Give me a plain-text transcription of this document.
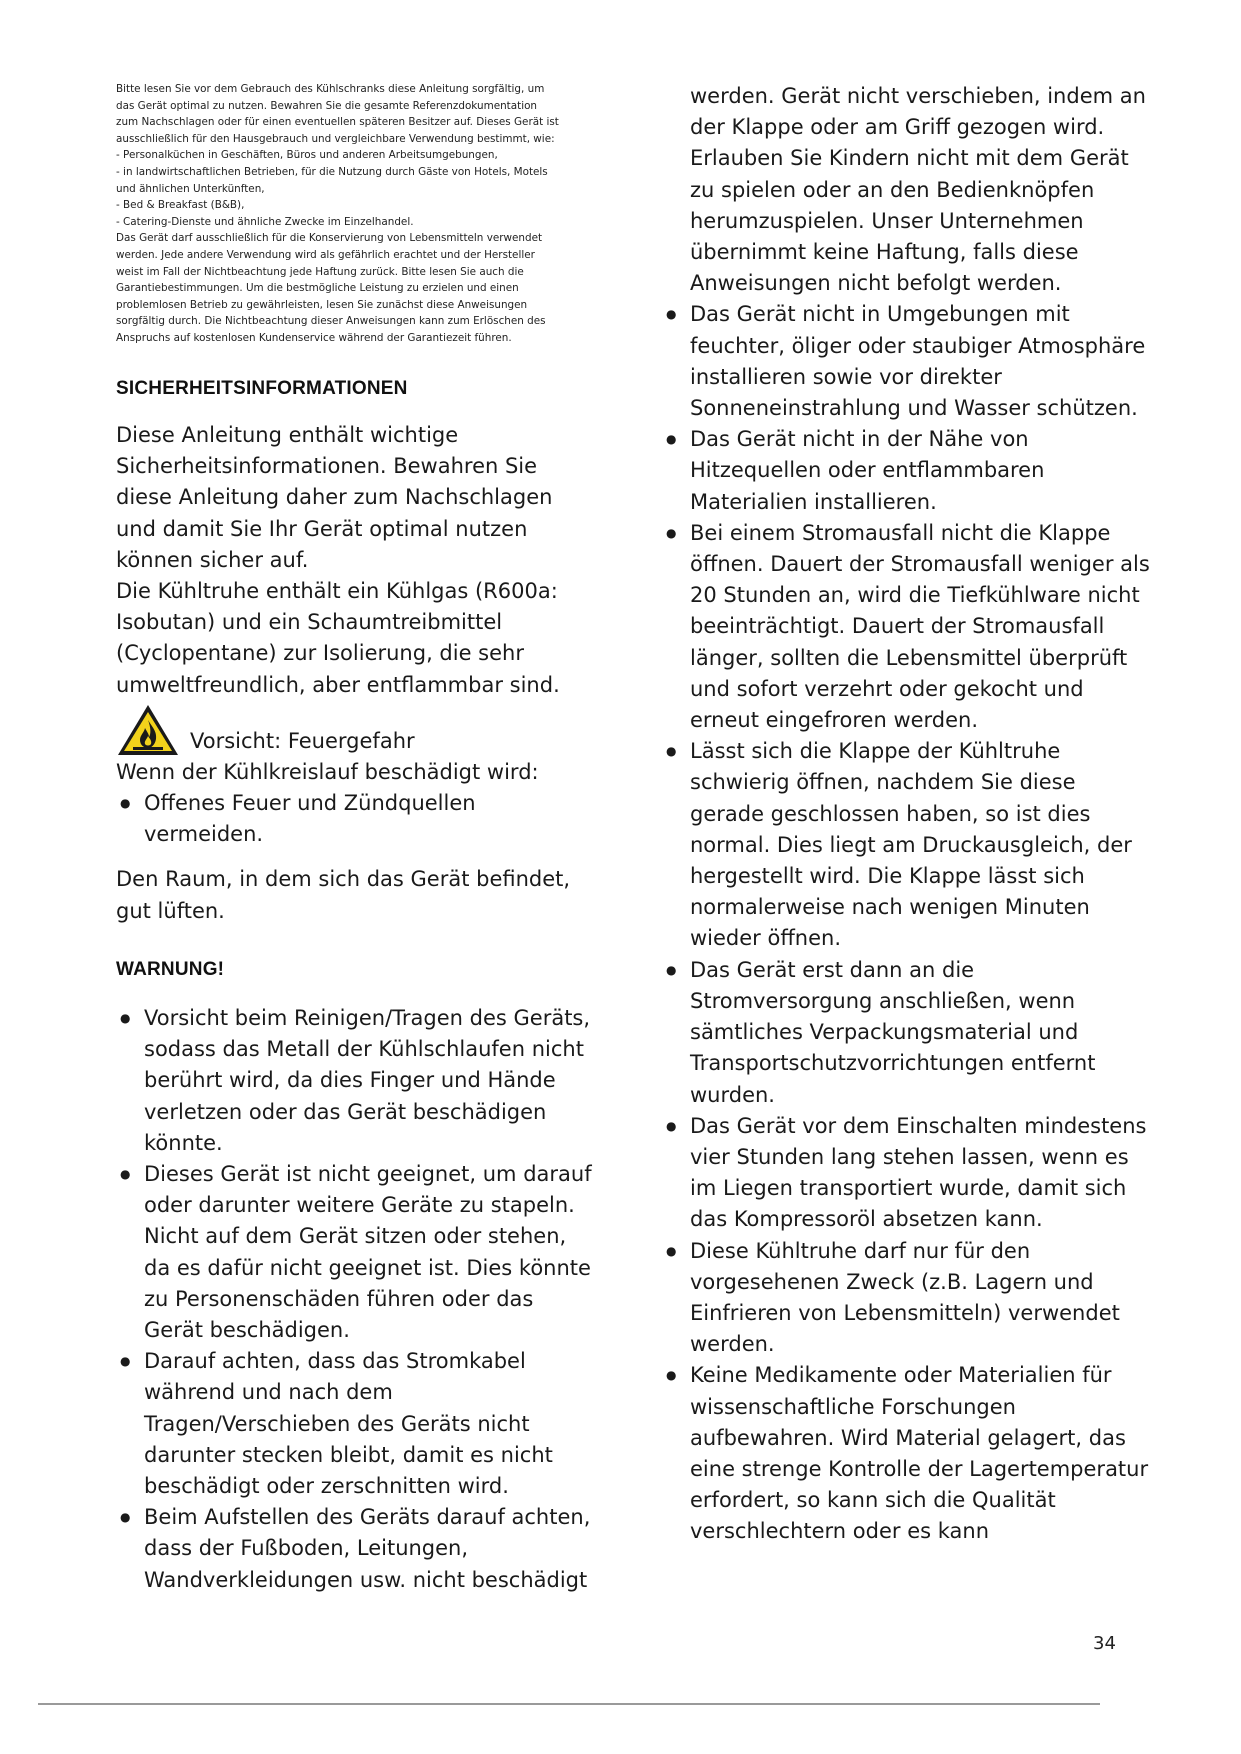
Bitte lesen Sie vor dem Gebrauch des Kühlschranks diese Anleitung sorgfältig, um

das Gerät optimal zu nutzen. Bewahren Sie die gesamte Referenzdokumentation

zum Nachschlagen oder für einen eventuellen späteren Besitzer auf. Dieses Gerät ist

ausschließlich für den Hausgebrauch und vergleichbare Verwendung bestimmt, wie:

- Personalküchen in Geschäften, Büros und anderen Arbeitsumgebungen,

- in landwirtschaftlichen Betrieben, für die Nutzung durch Gäste von Hotels, Motels

und ähnlichen Unterkünften,

- Bed & Breakfast (B&B),

- Catering-Dienste und ähnliche Zwecke im Einzelhandel.

Das Gerät darf ausschließlich für die Konservierung von Lebensmitteln verwendet

werden. Jede andere Verwendung wird als gefährlich erachtet und der Hersteller

weist im Fall der Nichtbeachtung jede Haftung zurück. Bitte lesen Sie auch die

Garantiebestimmungen. Um die bestmögliche Leistung zu erzielen und einen

problemlosen Betrieb zu gewährleisten, lesen Sie zunächst diese Anweisungen

sorgfältig durch. Die Nichtbeachtung dieser Anweisungen kann zum Erlöschen des

Anspruchs auf kostenlosen Kundenservice während der Garantiezeit führen.

SICHERHEITSINFORMATIONEN

Diese Anleitung enthält wichtige Sicherheitsinformationen. Bewahren Sie diese Anleitung daher zum Nachschlagen und damit Sie Ihr Gerät optimal nutzen können sicher auf.

Die Kühltruhe enthält ein Kühlgas (R600a: Isobutan) und ein Schaumtreibmittel (Cyclopentane) zur Isolierung, die sehr umweltfreundlich, aber entflammbar sind.

Vorsicht: Feuergefahr

Wenn der Kühlkreislauf beschädigt wird:

● Offenes Feuer und Zündquellen vermeiden.

Den Raum, in dem sich das Gerät befindet, gut lüften.

WARNUNG!
● Vorsicht beim Reinigen/Tragen des Geräts, sodass das Metall der Kühlschlaufen nicht berührt wird, da dies Finger und Hände verletzen oder das Gerät beschädigen könnte.
● Dieses Gerät ist nicht geeignet, um darauf oder darunter weitere Geräte zu stapeln. Nicht auf dem Gerät sitzen oder stehen, da es dafür nicht geeignet ist. Dies könnte zu Personenschäden führen oder das Gerät beschädigen.
● Darauf achten, dass das Stromkabel während und nach dem Tragen/Verschieben des Geräts nicht darunter stecken bleibt, damit es nicht beschädigt oder zerschnitten wird.
● Beim Aufstellen des Geräts darauf achten, dass der Fußboden, Leitungen, Wandverkleidungen usw. nicht beschädigt

werden. Gerät nicht verschieben, indem an der Klappe oder am Griff gezogen wird. Erlauben Sie Kindern nicht mit dem Gerät zu spielen oder an den Bedienknöpfen herumzuspielen. Unser Unternehmen übernimmt keine Haftung, falls diese Anweisungen nicht befolgt werden.

● Das Gerät nicht in Umgebungen mit feuchter, öliger oder staubiger Atmosphäre installieren sowie vor direkter Sonneneinstrahlung und Wasser schützen.
● Das Gerät nicht in der Nähe von Hitzequellen oder entflammbaren Materialien installieren.
● Bei einem Stromausfall nicht die Klappe öffnen. Dauert der Stromausfall weniger als 20 Stunden an, wird die Tiefkühlware nicht beeinträchtigt. Dauert der Stromausfall länger, sollten die Lebensmittel überprüft und sofort verzehrt oder gekocht und erneut eingefroren werden.
● Lässt sich die Klappe der Kühltruhe schwierig öffnen, nachdem Sie diese gerade geschlossen haben, so ist dies normal. Dies liegt am Druckausgleich, der hergestellt wird. Die Klappe lässt sich normalerweise nach wenigen Minuten wieder öffnen.
● Das Gerät erst dann an die Stromversorgung anschließen, wenn sämtliches Verpackungsmaterial und Transportschutzvorrichtungen entfernt wurden.
● Das Gerät vor dem Einschalten mindestens vier Stunden lang stehen lassen, wenn es im Liegen transportiert wurde, damit sich das Kompressoröl absetzen kann.
● Diese Kühltruhe darf nur für den vorgesehenen Zweck (z.B. Lagern und Einfrieren von Lebensmitteln) verwendet werden.
● Keine Medikamente oder Materialien für wissenschaftliche Forschungen aufbewahren. Wird Material gelagert, das eine strenge Kontrolle der Lagertemperatur erfordert, so kann sich die Qualität verschlechtern oder es kann
34
